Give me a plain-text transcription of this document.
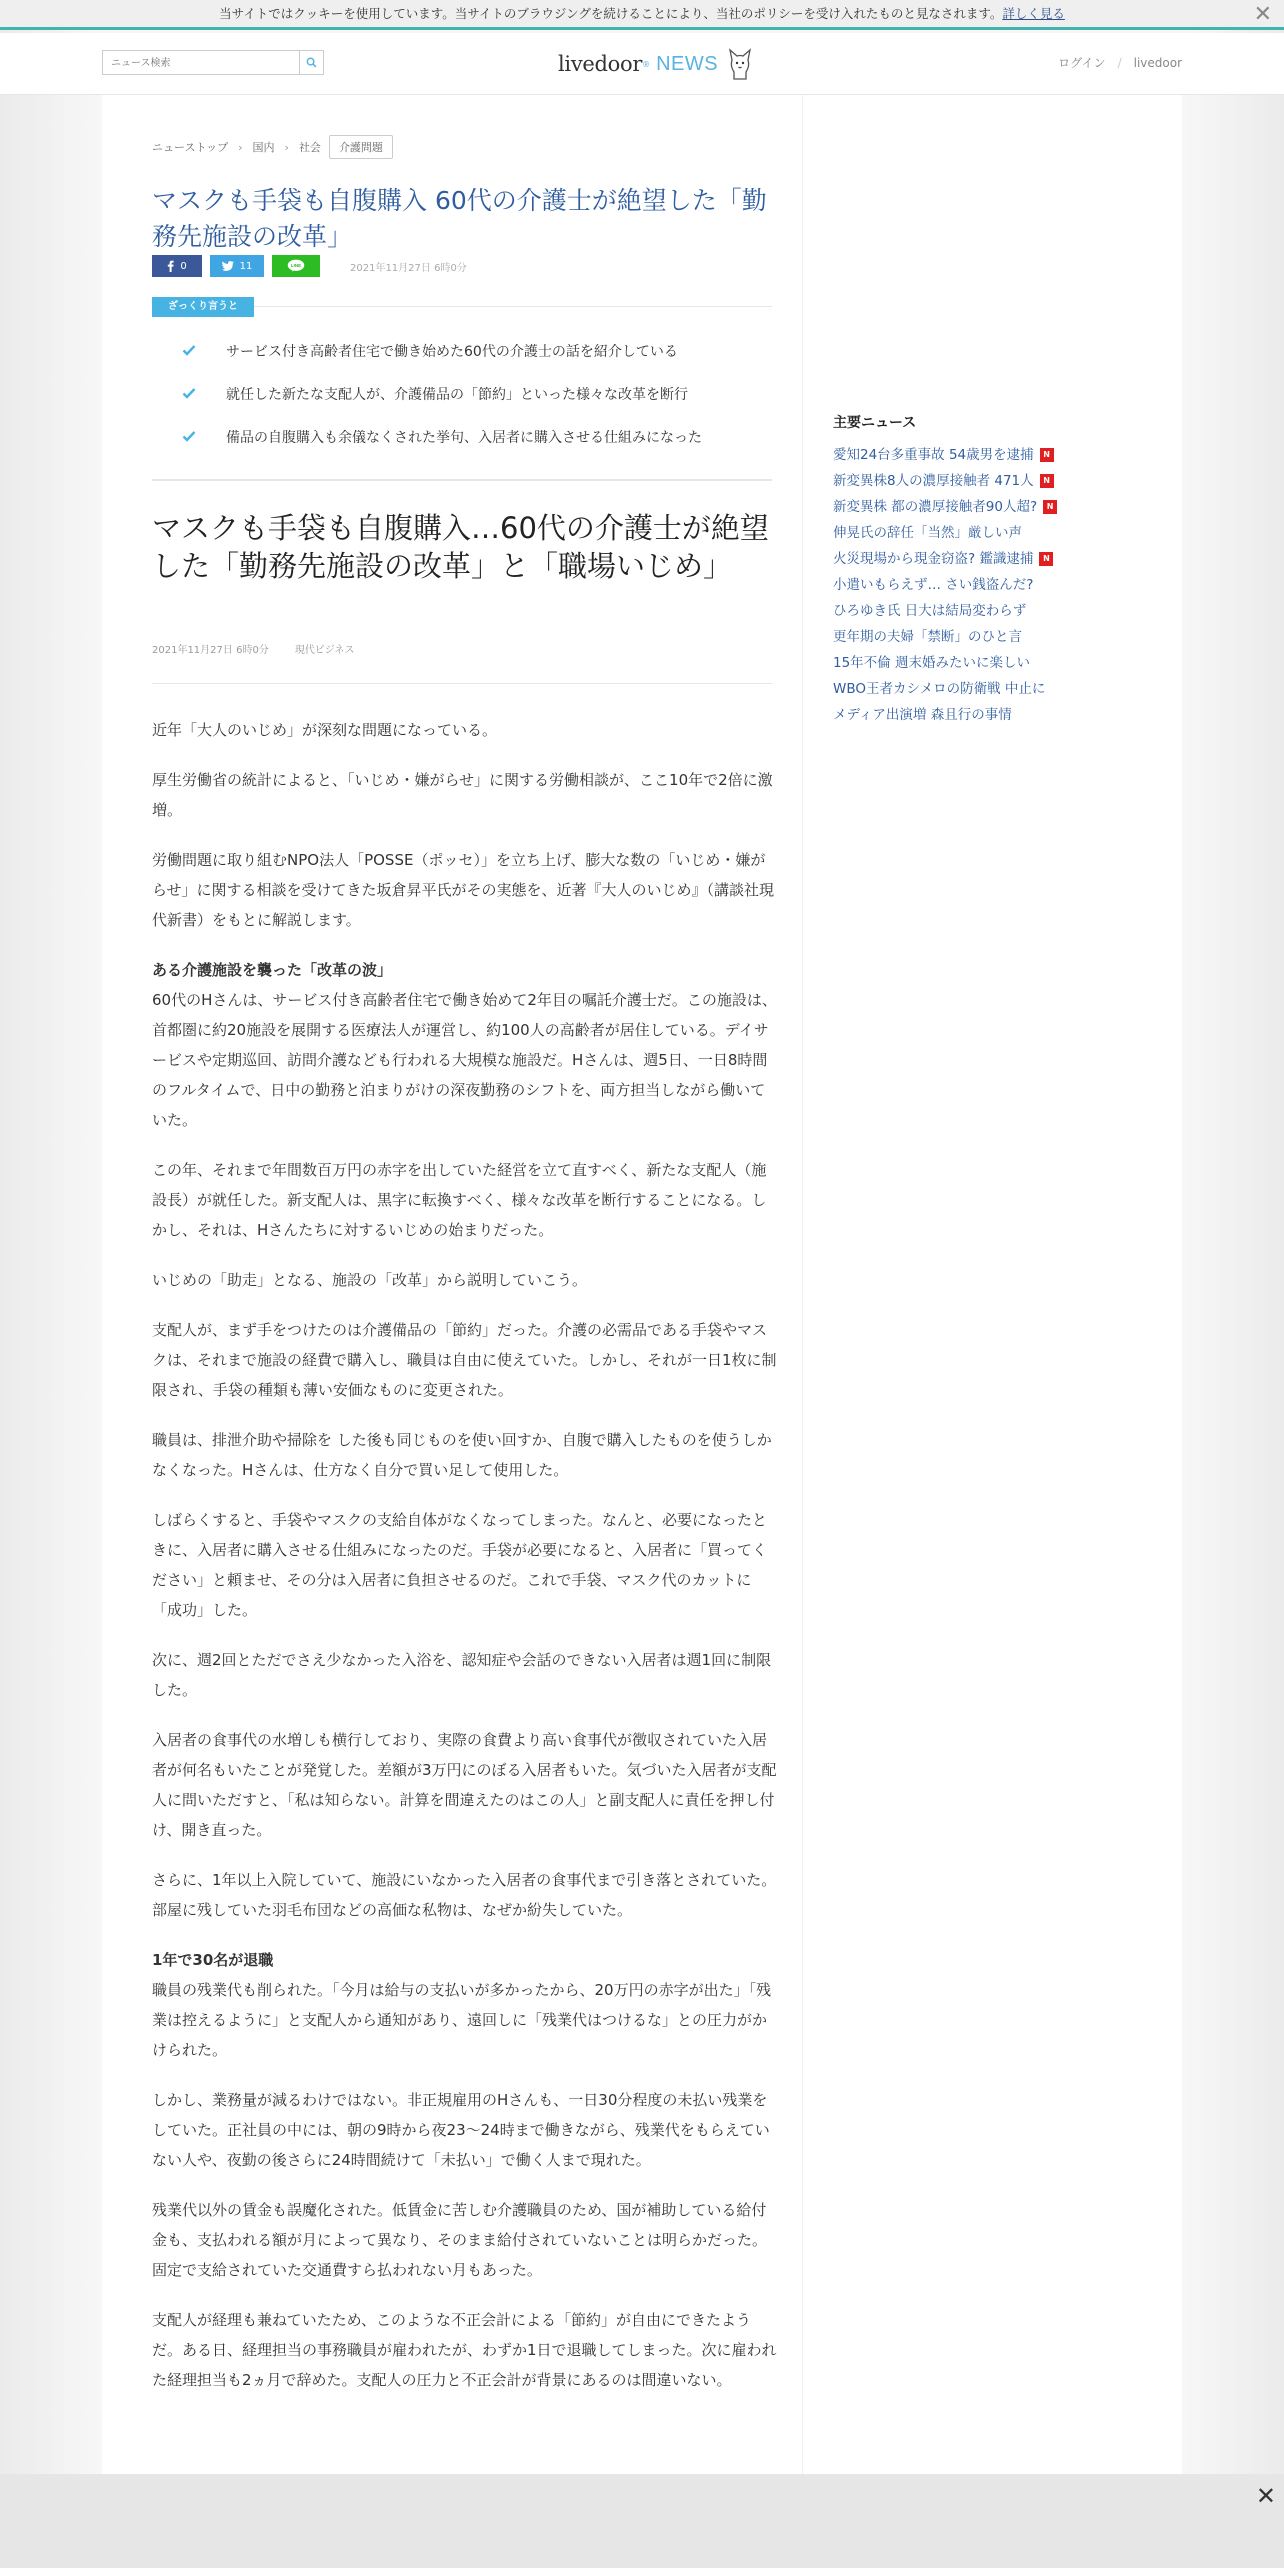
当サイトではクッキーを使用しています。当サイトのブラウジングを続けることにより、当社のポリシーを受け入れたものと見なされます。詳しく見る	✕
ニュース検索
livedoor ® NEWS	ログイン / livedoor
ニューストップ › 国内 › 社会	介護問題
マスクも手袋も自腹購入 60代の介護士が絶望した「勤務先施設の改革」
0	11	LINE	2021年11月27日 6時0分
ざっくり言うと
サービス付き高齢者住宅で働き始めた60代の介護士の話を紹介している
就任した新たな支配人が、介護備品の「節約」といった様々な改革を断行
備品の自腹購入も余儀なくされた挙句、入居者に購入させる仕組みになった
マスクも手袋も自腹購入…60代の介護士が絶望した「勤務先施設の改革」と「職場いじめ」
2021年11月27日 6時0分	現代ビジネス

近年「大人のいじめ」が深刻な問題になっている。

厚生労働省の統計によると、「いじめ・嫌がらせ」に関する労働相談が、ここ10年で2倍に激増。

労働問題に取り組むNPO法人「POSSE（ポッセ）」を立ち上げ、膨大な数の「いじめ・嫌がらせ」に関する相談を受けてきた坂倉昇平氏がその実態を、近著『大人のいじめ』（講談社現代新書）をもとに解説します。

ある介護施設を襲った「改革の波」

60代のHさんは、サービス付き高齢者住宅で働き始めて2年目の嘱託介護士だ。この施設は、首都圏に約20施設を展開する医療法人が運営し、約100人の高齢者が居住している。デイサービスや定期巡回、訪問介護なども行われる大規模な施設だ。Hさんは、週5日、一日8時間のフルタイムで、日中の勤務と泊まりがけの深夜勤務のシフトを、両方担当しながら働いていた。

この年、それまで年間数百万円の赤字を出していた経営を立て直すべく、新たな支配人（施設長）が就任した。新支配人は、黒字に転換すべく、様々な改革を断行することになる。しかし、それは、Hさんたちに対するいじめの始まりだった。

いじめの「助走」となる、施設の「改革」から説明していこう。

支配人が、まず手をつけたのは介護備品の「節約」だった。介護の必需品である手袋やマスクは、それまで施設の経費で購入し、職員は自由に使えていた。しかし、それが一日1枚に制限され、手袋の種類も薄い安価なものに変更された。

職員は、排泄介助や掃除を した後も同じものを使い回すか、自腹で購入したものを使うしかなくなった。Hさんは、仕方なく自分で買い足して使用した。

しばらくすると、手袋やマスクの支給自体がなくなってしまった。なんと、必要になったときに、入居者に購入させる仕組みになったのだ。手袋が必要になると、入居者に「買ってください」と頼ませ、その分は入居者に負担させるのだ。これで手袋、マスク代のカットに「成功」した。

次に、週2回とただでさえ少なかった入浴を、認知症や会話のできない入居者は週1回に制限した。

入居者の食事代の水増しも横行しており、実際の食費より高い食事代が徴収されていた入居者が何名もいたことが発覚した。差額が3万円にのぼる入居者もいた。気づいた入居者が支配人に問いただすと、「私は知らない。計算を間違えたのはこの人」と副支配人に責任を押し付け、開き直った。

さらに、1年以上入院していて、施設にいなかった入居者の食事代まで引き落とされていた。部屋に残していた羽毛布団などの高価な私物は、なぜか紛失していた。

1年で30名が退職

職員の残業代も削られた。「今月は給与の支払いが多かったから、20万円の赤字が出た」「残業は控えるように」と支配人から通知があり、遠回しに「残業代はつけるな」との圧力がかけられた。

しかし、業務量が減るわけではない。非正規雇用のHさんも、一日30分程度の未払い残業をしていた。正社員の中には、朝の9時から夜23～24時まで働きながら、残業代をもらえていない人や、夜勤の後さらに24時間続けて「未払い」で働く人まで現れた。

残業代以外の賃金も誤魔化された。低賃金に苦しむ介護職員のため、国が補助している給付金も、支払われる額が月によって異なり、そのまま給付されていないことは明らかだった。固定で支給されていた交通費すら払われない月もあった。

支配人が経理も兼ねていたため、このような不正会計による「節約」が自由にできたようだ。ある日、経理担当の事務職員が雇われたが、わずか1日で退職してしまった。次に雇われた経理担当も2ヵ月で辞めた。支配人の圧力と不正会計が背景にあるのは間違いない。

主要ニュース
愛知24台多重事故 54歳男を逮捕	N
新変異株8人の濃厚接触者 471人	N
新変異株 都の濃厚接触者90人超?	N
伸晃氏の辞任「当然」厳しい声
火災現場から現金窃盗? 鑑識逮捕	N
小遣いもらえず… さい銭盗んだ?
ひろゆき氏 日大は結局変わらず
更年期の夫婦「禁断」のひと言
15年不倫 週末婚みたいに楽しい
WBO王者カシメロの防衛戦 中止に
メディア出演増 森且行の事情
✕
